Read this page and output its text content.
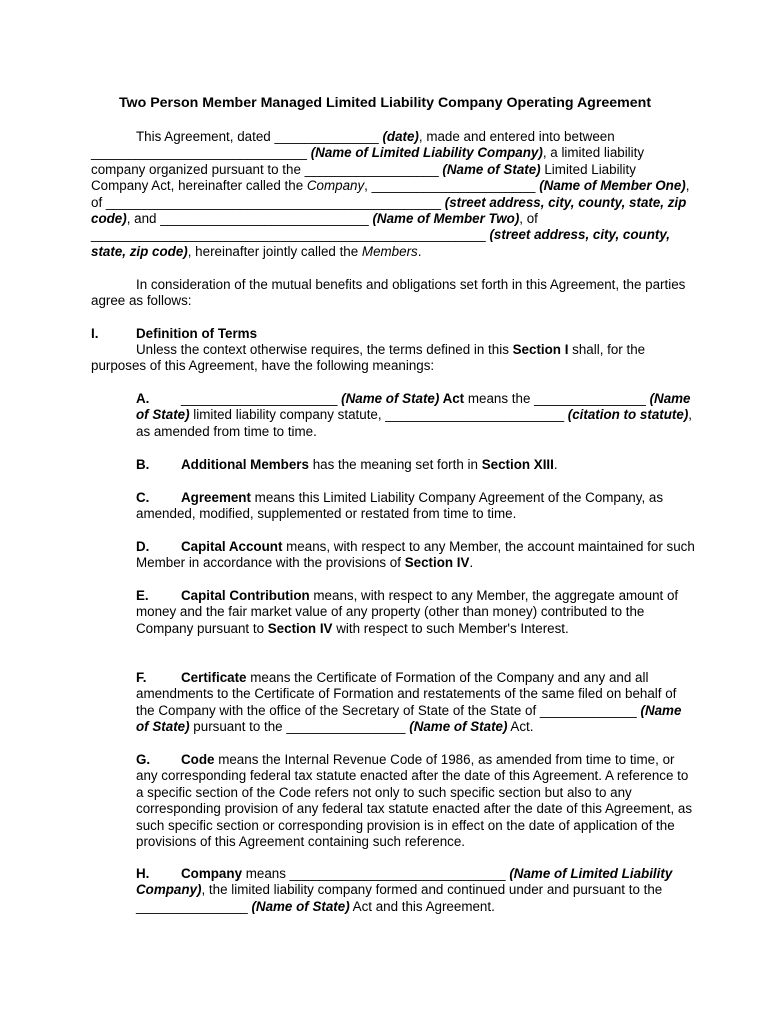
Two Person Member Managed Limited Liability Company Operating Agreement

This Agreement, dated ______________ (date), made and entered into between _____________________________ (Name of Limited Liability Company), a limited liability company organized pursuant to the __________________ (Name of State) Limited Liability Company Act, hereinafter called the Company, ______________________ (Name of Member One), of _____________________________________________ (street address, city, county, state, zip code), and ____________________________ (Name of Member Two), of _____________________________________________________ (street address, city, county, state, zip code), hereinafter jointly called the Members.

In consideration of the mutual benefits and obligations set forth in this Agreement, the parties agree as follows:

I.	Definition of Terms

Unless the context otherwise requires, the terms defined in this Section I shall, for the purposes of this Agreement, have the following meanings:

A. _____________________ (Name of State) Act means the _______________ (Name of State) limited liability company statute, ________________________ (citation to statute), as amended from time to time.

B. Additional Members has the meaning set forth in Section XIII.

C. Agreement means this Limited Liability Company Agreement of the Company, as amended, modified, supplemented or restated from time to time.

D. Capital Account means, with respect to any Member, the account maintained for such Member in accordance with the provisions of Section IV.

E. Capital Contribution means, with respect to any Member, the aggregate amount of money and the fair market value of any property (other than money) contributed to the Company pursuant to Section IV with respect to such Member's Interest.

F.	Certificate means the Certificate of Formation of the Company and any and all amendments to the Certificate of Formation and restatements of the same filed on behalf of the Company with the office of the Secretary of State of the State of _____________ (Name of State) pursuant to the ________________ (Name of State) Act.

G. Code means the Internal Revenue Code of 1986, as amended from time to time, or any corresponding federal tax statute enacted after the date of this Agreement. A reference to a specific section of the Code refers not only to such specific section but also to any corresponding provision of any federal tax statute enacted after the date of this Agreement, as such specific section or corresponding provision is in effect on the date of application of the provisions of this Agreement containing such reference.

H. Company means _____________________________ (Name of Limited Liability Company), the limited liability company formed and continued under and pursuant to the _______________ (Name of State) Act and this Agreement.
